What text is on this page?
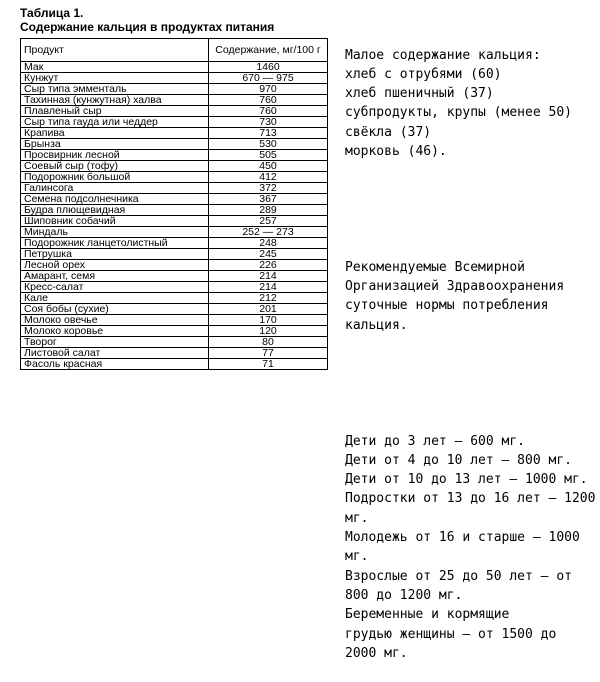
Таблица 1.
Содержание кальция в продуктах питания
Продукт	Содержание, мг/100 г
Мак	1460
Кунжут	670 — 975
Сыр типа эмменталь	970
Тахинная (кунжутная) халва	760
Плавленый сыр	760
Сыр типа гауда или чеддер	730
Крапива	713
Брынза	530
Просвирник лесной	505
Соевый сыр (тофу)	450
Подорожник большой	412
Галинсога	372
Семена подсолнечника	367
Будра плющевидная	289
Шиповник собачий	257
Миндаль	252 — 273
Подорожник ланцетолистный	248
Петрушка	245
Лесной орех	226
Амарант, семя	214
Кресс-салат	214
Кале	212
Соя бобы (сухие)	201
Молоко овечье	170
Молоко коровье	120
Творог	80
Листовой салат	77
Фасоль красная	71

Малое содержание кальция:
хлеб с отрубями (60)
хлеб пшеничный (37)
субпродукты, крупы (менее 50)
свёкла (37)
морковь (46).

Рекомендуемые Всемирной
Организацией Здравоохранения
суточные нормы потребления
кальция.

Дети до 3 лет — 600 мг.
Дети от 4 до 10 лет — 800 мг.
Дети от 10 до 13 лет — 1000 мг.
Подростки от 13 до 16 лет — 1200
мг.
Молодежь от 16 и старше — 1000
мг.
Взрослые от 25 до 50 лет — от
800 до 1200 мг.
Беременные и кормящие
грудью женщины — от 1500 до
2000 мг.
